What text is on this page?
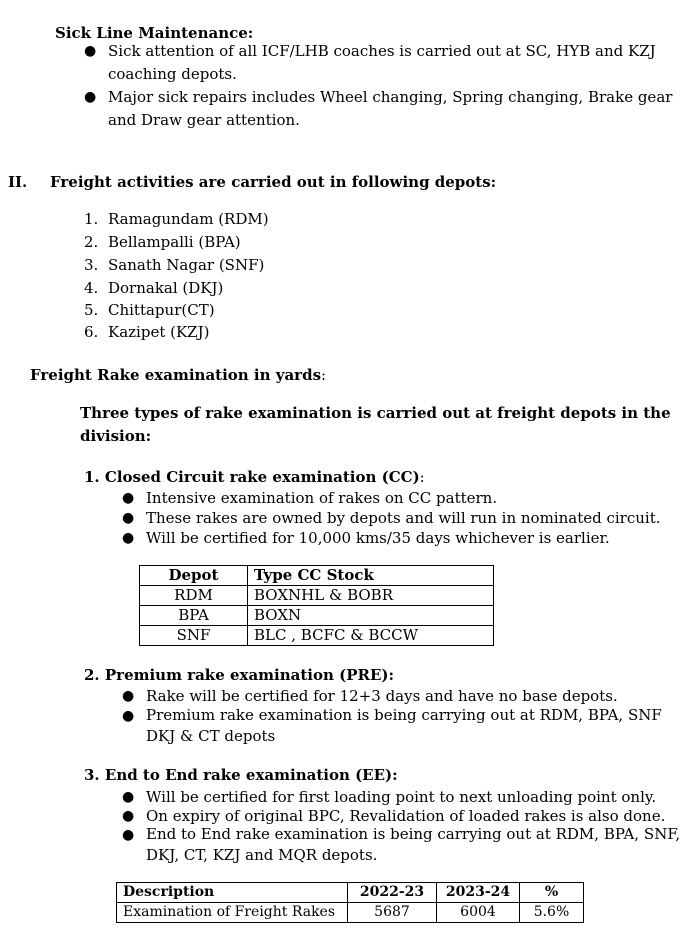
Sick Line Maintenance:
● Sick attention of all ICF/LHB coaches is carried out at SC, HYB and KZJ coaching depots.
● Major sick repairs includes Wheel changing, Spring changing, Brake gear and Draw gear attention.
II. Freight activities are carried out in following depots:
1. Ramagundam (RDM)
2. Bellampalli (BPA)
3. Sanath Nagar (SNF)
4. Dornakal (DKJ)
5. Chittapur(CT)
6. Kazipet (KZJ)
Freight Rake examination in yards:
Three types of rake examination is carried out at freight depots in the division:
1. Closed Circuit rake examination (CC):
● Intensive examination of rakes on CC pattern.
● These rakes are owned by depots and will run in nominated circuit.
● Will be certified for 10,000 kms/35 days whichever is earlier.
Depot	Type CC Stock
RDM	BOXNHL & BOBR
BPA	BOXN
SNF	BLC , BCFC & BCCW
2. Premium rake examination (PRE):
● Rake will be certified for 12+3 days and have no base depots.
● Premium rake examination is being carrying out at RDM, BPA, SNF DKJ & CT depots
3. End to End rake examination (EE):
● Will be certified for first loading point to next unloading point only.
● On expiry of original BPC, Revalidation of loaded rakes is also done.
● End to End rake examination is being carrying out at RDM, BPA, SNF, DKJ, CT, KZJ and MQR depots.
Description	2022-23	2023-24	%
Examination of Freight Rakes	5687	6004	5.6%
